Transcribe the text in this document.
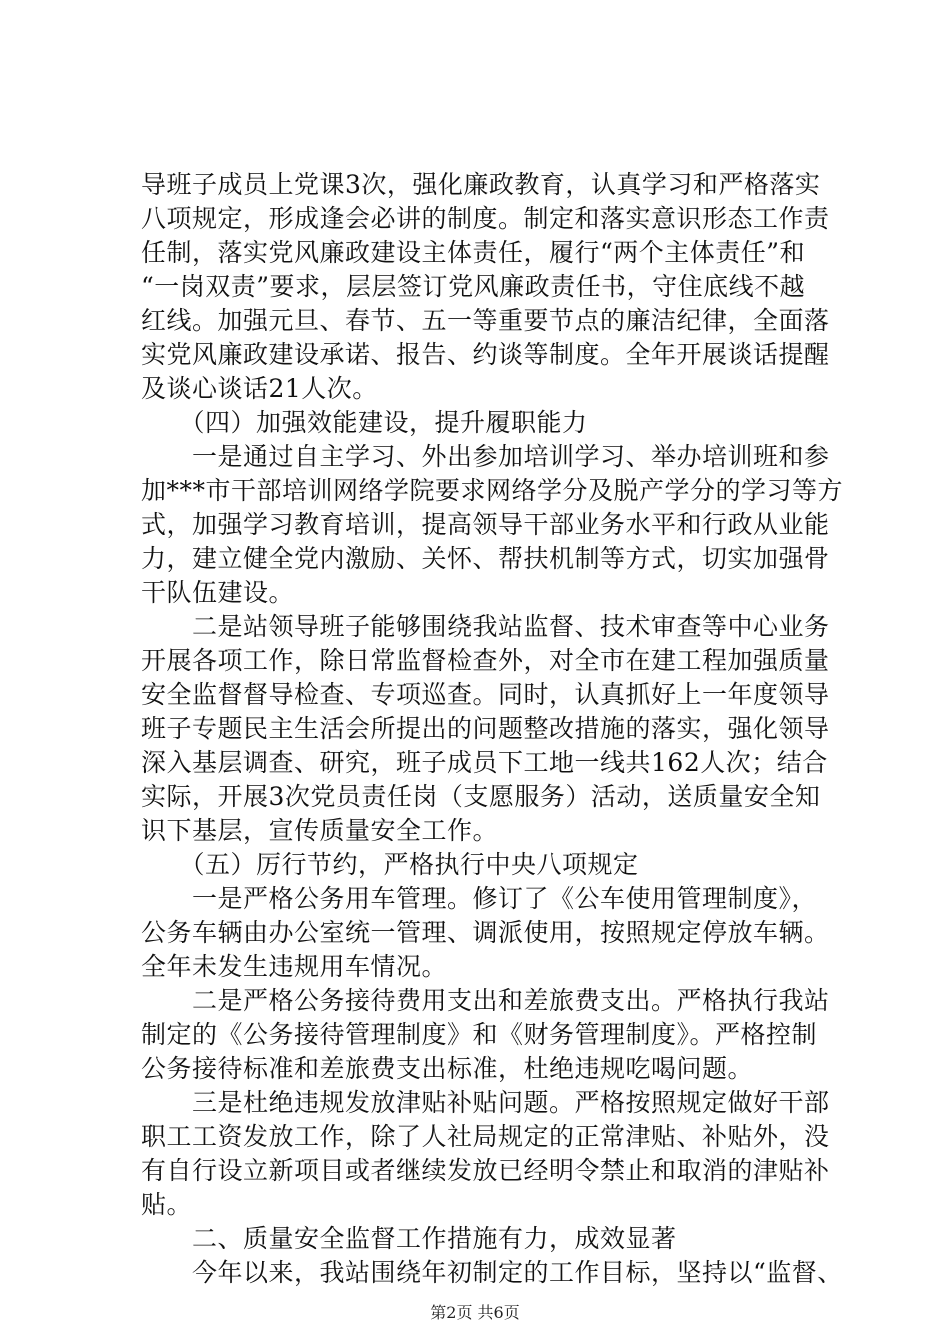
导班子成员上党课3次，强化廉政教育，认真学习和严格落实
八项规定，形成逢会必讲的制度。制定和落实意识形态工作责
任制，落实党风廉政建设主体责任，履行“两个主体责任”和
“一岗双责”要求，层层签订党风廉政责任书，守住底线不越
红线。加强元旦、春节、五一等重要节点的廉洁纪律，全面落
实党风廉政建设承诺、报告、约谈等制度。全年开展谈话提醒
及谈心谈话21人次。
　　（四）加强效能建设，提升履职能力
　　一是通过自主学习、外出参加培训学习、举办培训班和参
加***市干部培训网络学院要求网络学分及脱产学分的学习等方
式，加强学习教育培训，提高领导干部业务水平和行政从业能
力，建立健全党内激励、关怀、帮扶机制等方式，切实加强骨
干队伍建设。
　　二是站领导班子能够围绕我站监督、技术审查等中心业务
开展各项工作，除日常监督检查外，对全市在建工程加强质量
安全监督督导检查、专项巡查。同时，认真抓好上一年度领导
班子专题民主生活会所提出的问题整改措施的落实，强化领导
深入基层调查、研究，班子成员下工地一线共162人次；结合
实际，开展3次党员责任岗（支愿服务）活动，送质量安全知
识下基层，宣传质量安全工作。
　　（五）厉行节约，严格执行中央八项规定
　　一是严格公务用车管理。修订了《公车使用管理制度》，
公务车辆由办公室统一管理、调派使用，按照规定停放车辆。
全年未发生违规用车情况。
　　二是严格公务接待费用支出和差旅费支出。严格执行我站
制定的《公务接待管理制度》和《财务管理制度》。严格控制
公务接待标准和差旅费支出标准，杜绝违规吃喝问题。
　　三是杜绝违规发放津贴补贴问题。严格按照规定做好干部
职工工资发放工作，除了人社局规定的正常津贴、补贴外，没
有自行设立新项目或者继续发放已经明令禁止和取消的津贴补
贴。
　　二、质量安全监督工作措施有力，成效显著
　　今年以来，我站围绕年初制定的工作目标，坚持以“监督、
第2页 共6页
